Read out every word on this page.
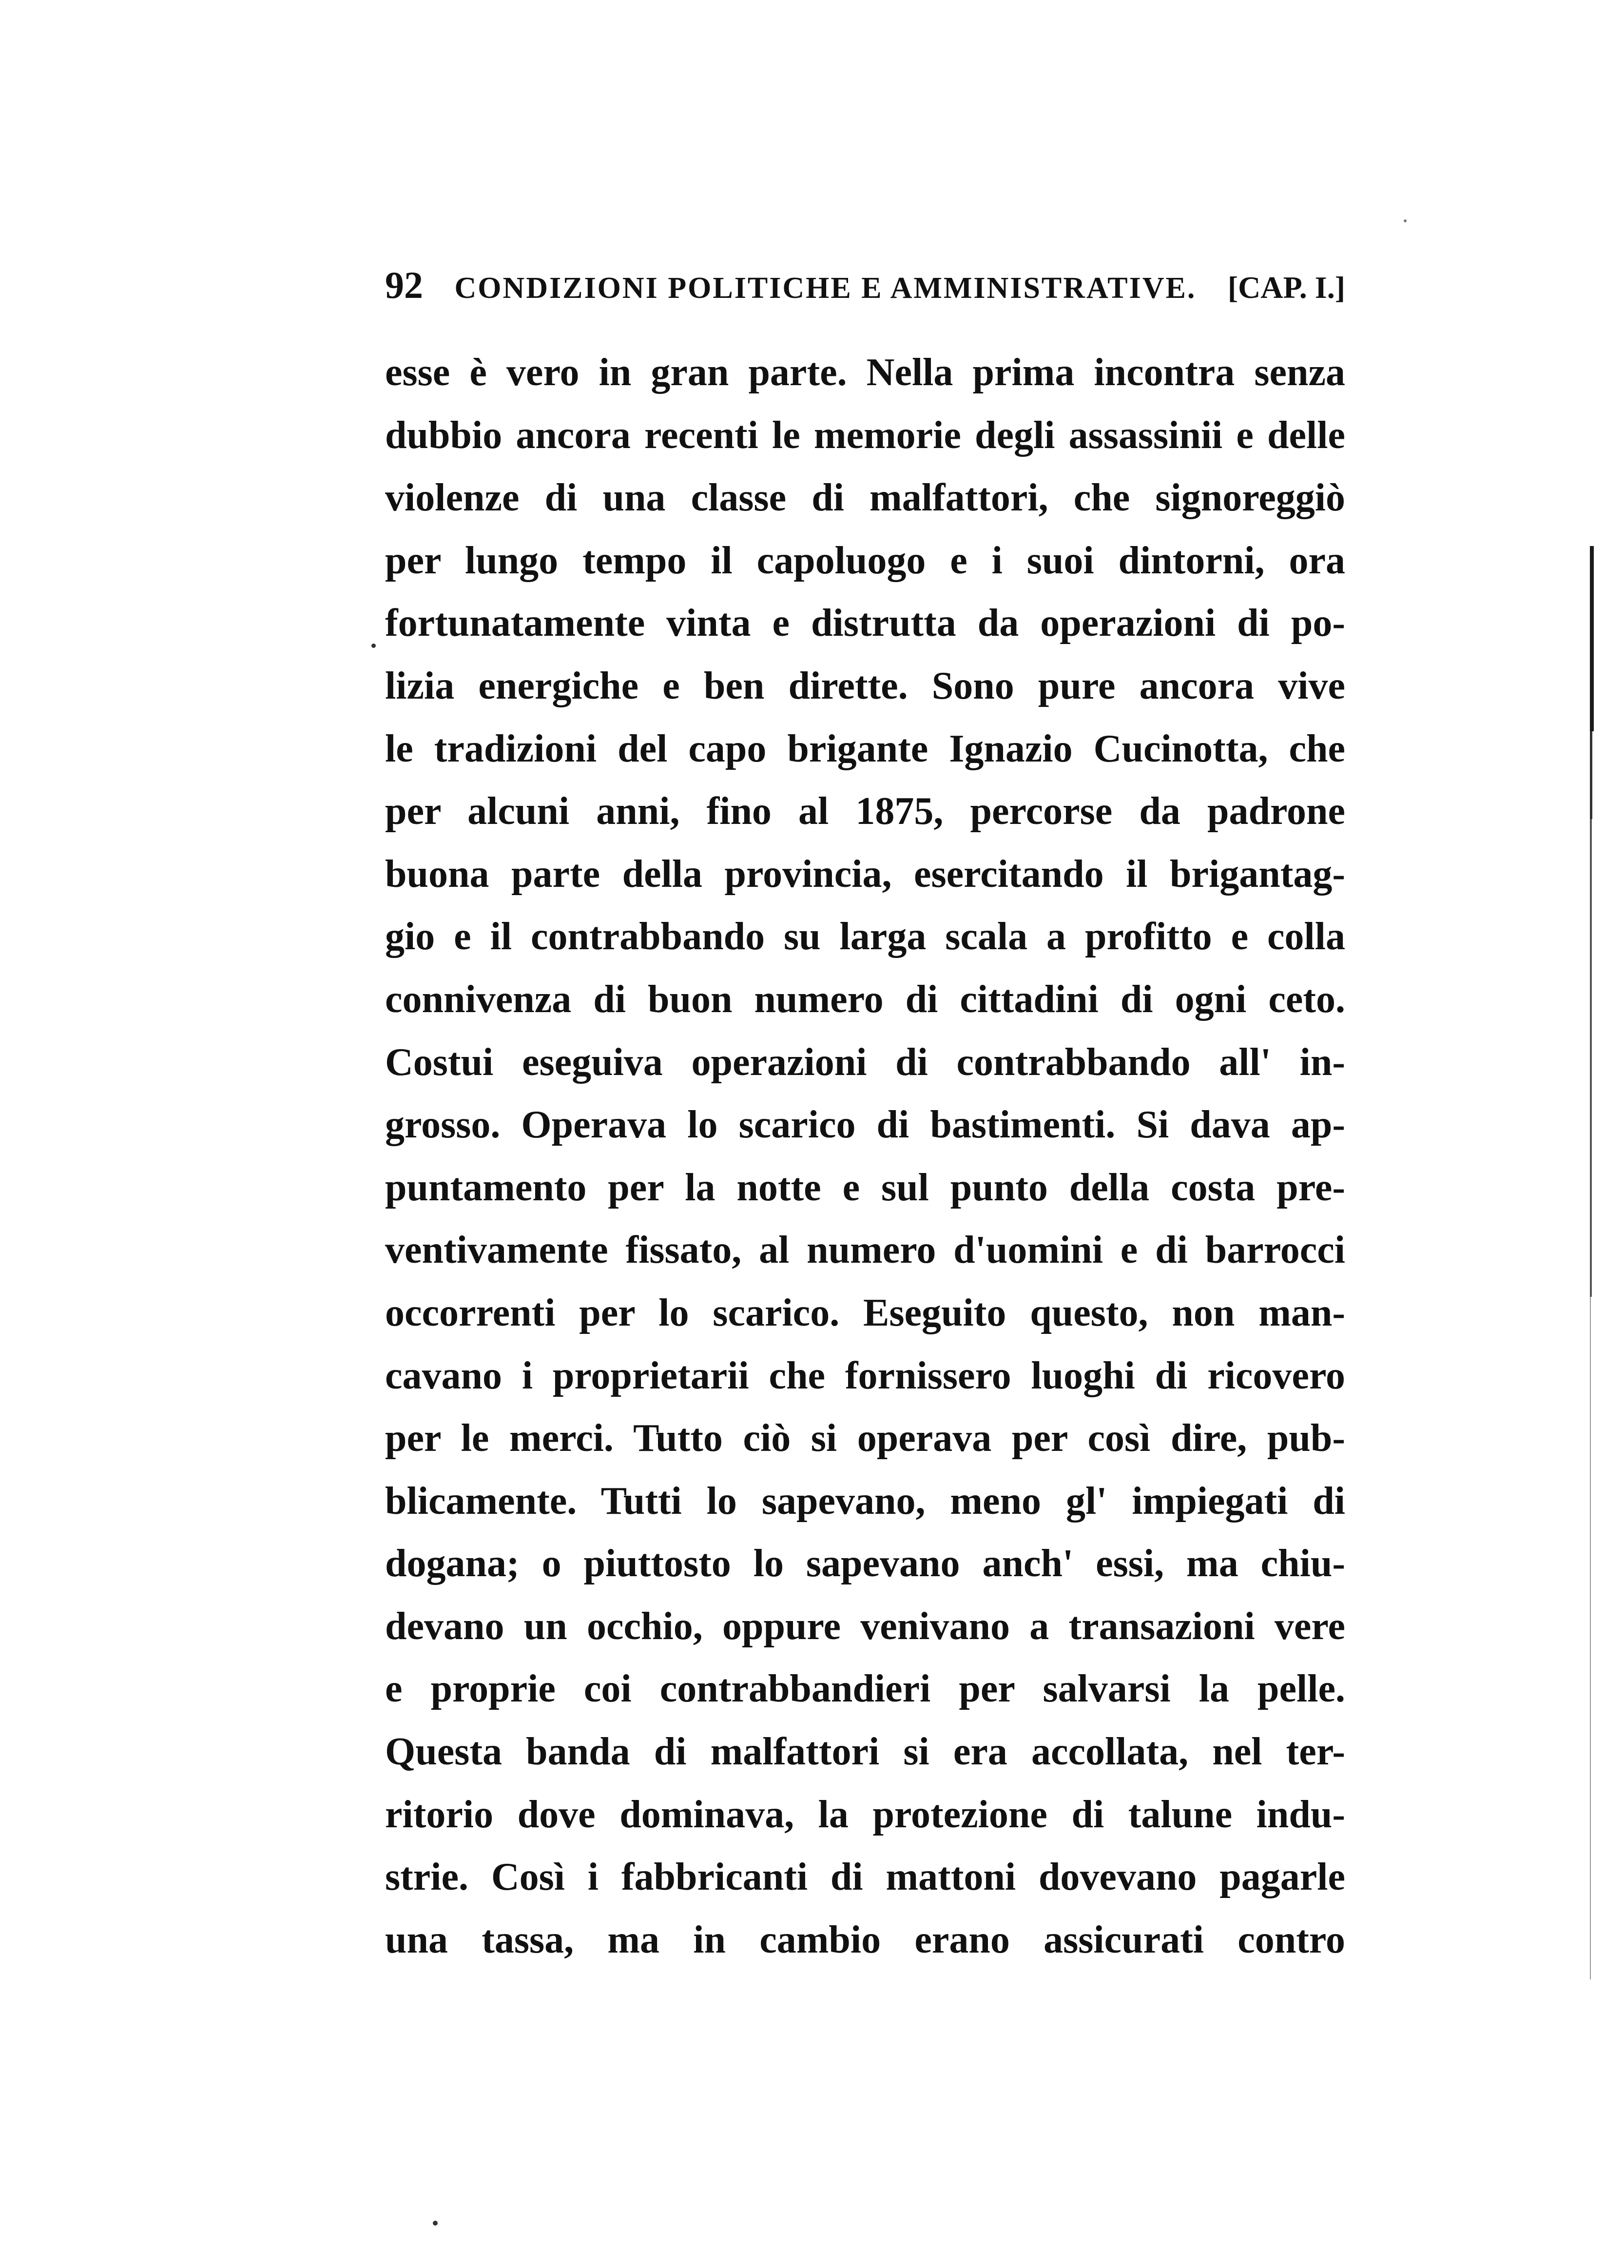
92 CONDIZIONI POLITICHE E AMMINISTRATIVE. [CAP. I.]
esse è vero in gran parte. Nella prima incontra senza
dubbio ancora recenti le memorie degli assassinii e delle
violenze di una classe di malfattori, che signoreggiò
per lungo tempo il capoluogo e i suoi dintorni, ora
fortunatamente vinta e distrutta da operazioni di po-
lizia energiche e ben dirette. Sono pure ancora vive
le tradizioni del capo brigante Ignazio Cucinotta, che
per alcuni anni, fino al 1875, percorse da padrone
buona parte della provincia, esercitando il brigantag-
gio e il contrabbando su larga scala a profitto e colla
connivenza di buon numero di cittadini di ogni ceto.
Costui eseguiva operazioni di contrabbando all' in-
grosso. Operava lo scarico di bastimenti. Si dava ap-
puntamento per la notte e sul punto della costa pre-
ventivamente fissato, al numero d'uomini e di barrocci
occorrenti per lo scarico. Eseguito questo, non man-
cavano i proprietarii che fornissero luoghi di ricovero
per le merci. Tutto ciò si operava per così dire, pub-
blicamente. Tutti lo sapevano, meno gl' impiegati di
dogana; o piuttosto lo sapevano anch' essi, ma chiu-
devano un occhio, oppure venivano a transazioni vere
e proprie coi contrabbandieri per salvarsi la pelle.
Questa banda di malfattori si era accollata, nel ter-
ritorio dove dominava, la protezione di talune indu-
strie. Così i fabbricanti di mattoni dovevano pagarle
una tassa, ma in cambio erano assicurati contro
